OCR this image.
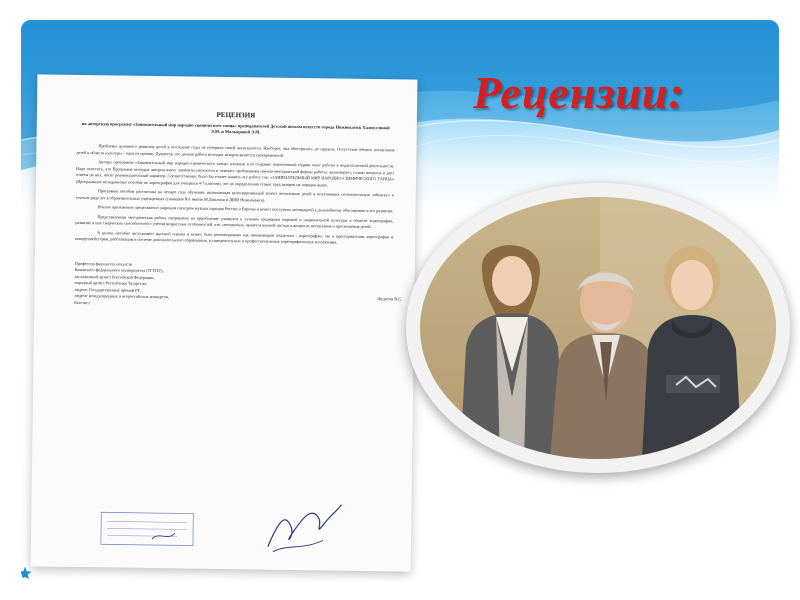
Рецензии:
РЕЦЕНЗИЯ
на авторскую программу «Занимательный мир народно-сценического танца» преподавателей Детской школы искусств города Нижнекамск Халиуллиной Э.М. и Мальяровой Э.М.

Проблемы духовного развития детей в последние годы не потеряли своей актуальности. Наоборот, она обострилась до предела. Отсутствие общего воспитания детей в области культуры – одна из причин. Думается, что данная работа молодых авторов является своевременной.

Авторы программы «Занимательный мир народно-сценического танца» вложили в её создание накопленный годами опыт работы в педагогической деятельности. Надо отметить, что Программа молодых авторов имеет элементы научности и отвечает требованиям научно-методической формы работы: анализирует, ставит вопросы и дает ответы на них, носит рекомендательный характер. Соответственно, было бы точнее назвать эту работу так: «ЗАНИМАТЕЛЬНЫЙ МИР НАРОДНО-СЦЕНИЧЕСКОГО ТАНЦА» (Программное методическое пособие по хореографии для учащихся 4-7 классов), что по определению ставит труд авторов на порядок выше.

Программа пособия рассчитана на четыре года обучения, включающая интегрированный аспект воспитания детей в получивших положительную «обкатку» в течение ряда лет в образовательных учреждениях (гимназия №1 имени М.Джалиля и ДШИ Нижнекамск).

Нотное приложение представлено широким спектром музыки народов России и Европы и может послужить мотивацией к дальнейшему обогащению в его развитии.

Представленная методическая работа направлена на приобщение учащихся к лучшим традициям мировой и национальной культуры в области хореографии, развитие в них творческих способностей с учетом возрастных особенностей, что, несомненно, является важной частью в вопросах воспитания и просвещения детей.

В целом, пособие заслуживает высокой оценки и может быть рекомендовано как начинающим педагогам - хореографам, так и преподавателям хореографии и концертмейстерам, работающим в системе дополнительного образования, в самодеятельных и профессиональных хореографических коллективах.

Профессор факультета искусств
Казанского федерального университета (ТГГПУ),
заслуженный артист Российской Федерации,
народный артист Республики Татарстан,
лауреат Государственных премий РТ,
лауреат международных и всероссийских конкурсов,
балетист
Федотов В.С.
